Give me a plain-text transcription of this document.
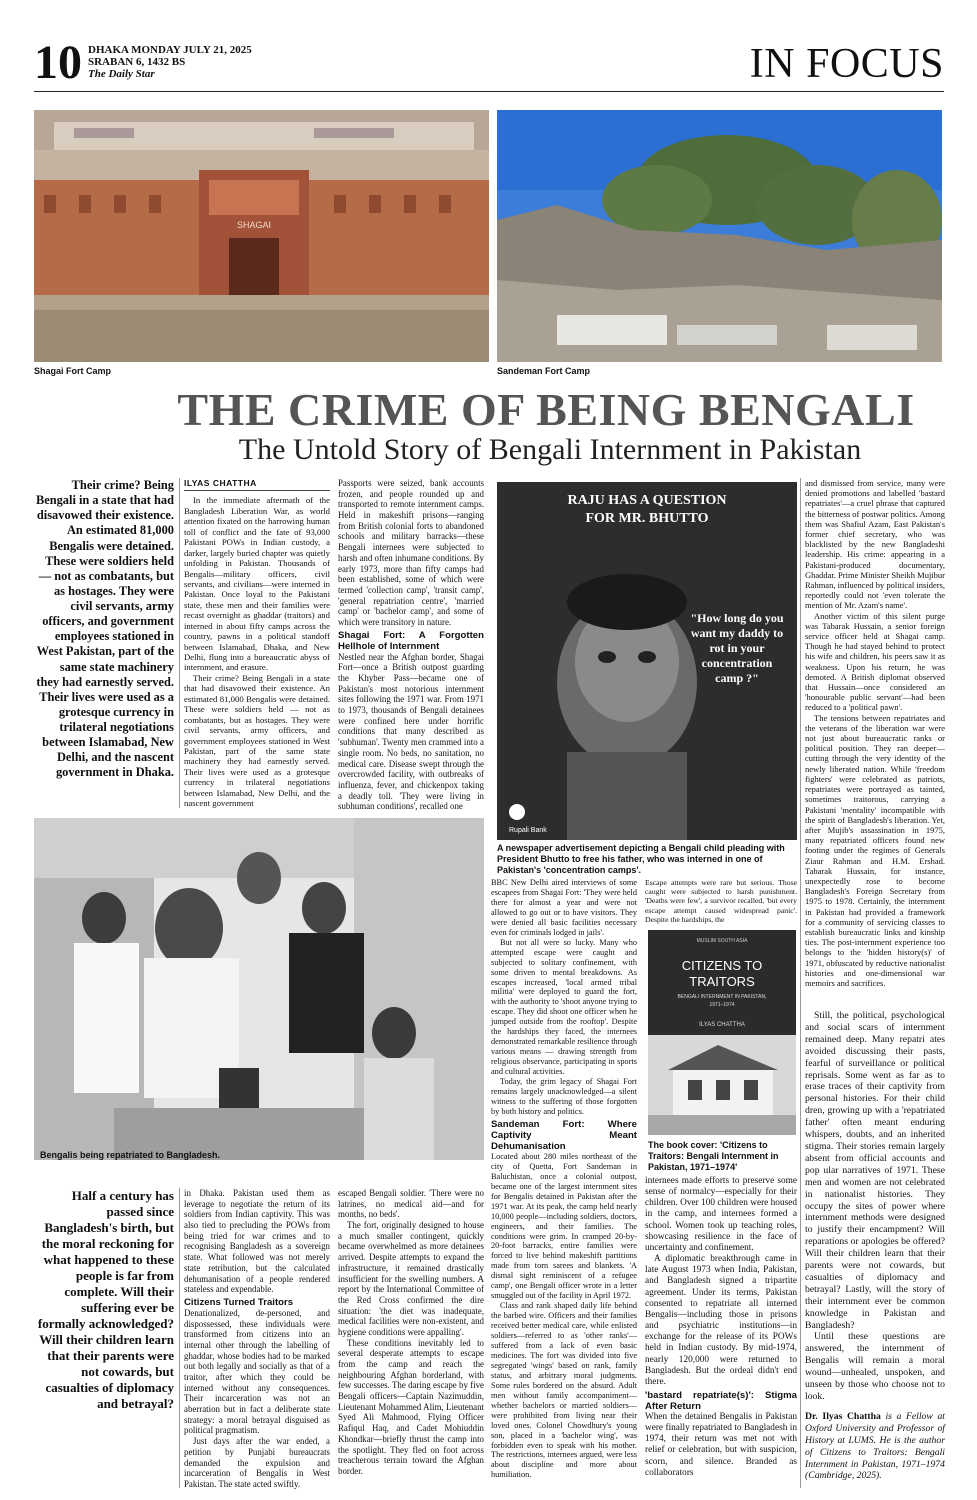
10 DHAKA MONDAY JULY 21, 2025
SRABAN 6, 1432 BS
The Daily Star	IN FOCUS
SHAGAI
Shagai Fort Camp	Sandeman Fort Camp
THE CRIME OF BEING BENGALI
The Untold Story of Bengali Internment in Pakistan
Their crime? Being Bengali in a state that had disavowed their existence. An estimated 81,000 Bengalis were detained. These were soldiers held — not as combatants, but as hostages. They were civil servants, army officers, and government employees stationed in West Pakistan, part of the same state machinery they had earnestly served. Their lives were used as a grotesque currency in trilateral negotiations between Islamabad, New Delhi, and the nascent government in Dhaka.
ILYAS CHATTHA

In the immediate aftermath of the Bangladesh Liberation War, as world attention fixated on the harrowing human toll of conflict and the fate of 93,000 Pakistani POWs in Indian custody, a darker, largely buried chapter was quietly unfolding in Pakistan. Thousands of Bengalis—military officers, civil servants, and civilians—were interned in Pakistan. Once loyal to the Pakistani state, these men and their families were recast overnight as ghaddar (traitors) and interned in about fifty camps across the country, pawns in a political standoff between Islamabad, Dhaka, and New Delhi, flung into a bureaucratic abyss of internment, and erasure.

Their crime? Being Bengali in a state that had disavowed their existence. An estimated 81,000 Bengalis were detained. These were soldiers held — not as combatants, but as hostages. They were civil servants, army officers, and government employees stationed in West Pakistan, part of the same state machinery they had earnestly served. Their lives were used as a grotesque currency in trilateral negotiations between Islamabad, New Delhi, and the nascent government

Passports were seized, bank accounts frozen, and people rounded up and transported to remote internment camps. Held in makeshift prisons—ranging from British colonial forts to abandoned schools and military barracks—these Bengali internees were subjected to harsh and often inhumane conditions. By early 1973, more than fifty camps had been established, some of which were termed 'collection camp', 'transit camp', 'general repatriation centre', 'married camp' or 'bachelor camp', and some of which were transitory in nature.

Shagai Fort: A Forgotten Hellhole of Internment

Nestled near the Afghan border, Shagai Fort—once a British outpost guarding the Khyber Pass—became one of Pakistan's most notorious internment sites following the 1971 war. From 1971 to 1973, thousands of Bengali detainees were confined here under horrific conditions that many described as 'subhuman'. Twenty men crammed into a single room. No beds, no sanitation, no medical care. Disease swept through the overcrowded facility, with outbreaks of influenza, fever, and chickenpox taking a deadly toll. 'They were living in subhuman conditions', recalled one

RAJU HAS A QUESTION
FOR MR. BHUTTO
"How long do you
want my daddy to
rot in your
concentration
camp ?"
Rupali Bank
A newspaper advertisement depicting a Bengali child pleading with President Bhutto to free his father, who was interned in one of Pakistan's 'concentration camps'.

and dismissed from service, many were denied promotions and labelled 'bastard repatriates'—a cruel phrase that captured the bitterness of postwar politics. Among them was Shafiul Azam, East Pakistan's former chief secretary, who was blacklisted by the new Bangladeshi leadership. His crime: appearing in a Pakistani-produced documentary, Ghaddar. Prime Minister Sheikh Mujibur Rahman, influenced by political insiders, reportedly could not 'even tolerate the mention of Mr. Azam's name'.

Another victim of this silent purge was Tabarak Hussain, a senior foreign service officer held at Shagai camp. Though he had stayed behind to protect his wife and children, his peers saw it as weakness. Upon his return, he was demoted. A British diplomat observed that Hussain—once considered an 'honourable public servant'—had been reduced to a 'political pawn'.

The tensions between repatriates and the veterans of the liberation war were not just about bureaucratic ranks or political position. They ran deeper—cutting through the very identity of the newly liberated nation. While 'freedom fighters' were celebrated as patriots, repatriates were portrayed as tainted, sometimes traitorous, carrying a Pakistani 'mentality' incompatible with the spirit of Bangladesh's liberation. Yet, after Mujib's assassination in 1975, many repatriated officers found new footing under the regimes of Generals Ziaur Rahman and H.M. Ershad. Tabarak Hussain, for instance, unexpectedly rose to become Bangladesh's Foreign Secretary from 1975 to 1978. Certainly, the internment in Pakistan had provided a framework for a community of servicing classes to establish bureaucratic links and kinship ties. The post-internment experience too belongs to the 'hidden history(s)' of 1971, obfuscated by reductive nationalist histories and one-dimensional war memoirs and sacrifices.

Bengalis being repatriated to Bangladesh.

BBC New Delhi aired interviews of some escapees from Shagai Fort: 'They were held there for almost a year and were not allowed to go out or to have visitors. They were denied all basic facilities necessary even for criminals lodged in jails'.

But not all were so lucky. Many who attempted escape were caught and subjected to solitary confinement, with some driven to mental breakdowns. As escapes increased, 'local armed tribal militia' were deployed to guard the fort, with the authority to 'shoot anyone trying to escape. They did shoot one officer when he jumped outside from the rooftop'. Despite the hardships they faced, the internees demonstrated remarkable resilience through various means — drawing strength from religious observance, participating in sports and cultural activities.

Today, the grim legacy of Shagai Fort remains largely unacknowledged—a silent witness to the suffering of those forgotten by both history and politics.

Sandeman Fort: Where Captivity Meant Dehumanisation

Located about 280 miles northeast of the city of Quetta, Fort Sandeman in Baluchistan, once a colonial outpost, became one of the largest internment sites for Bengalis detained in Pakistan after the 1971 war. At its peak, the camp held nearly 10,000 people—including soldiers, doctors, engineers, and their families. The conditions were grim. In cramped 20-by-20-foot barracks, entire families were forced to live behind makeshift partitions made from torn sarees and blankets. 'A dismal sight reminiscent of a refugee camp', one Bengali officer wrote in a letter smuggled out of the facility in April 1972.

Class and rank shaped daily life behind the barbed wire. Officers and their families received better medical care, while enlisted soldiers—referred to as 'other ranks'—suffered from a lack of even basic medicines. The fort was divided into five segregated 'wings' based on rank, family status, and arbitrary moral judgments. Some rules bordered on the absurd. Adult men without family accompaniment—whether bachelors or married soldiers—were prohibited from living near their loved ones. Colonel Chowdhury's young son, placed in a 'bachelor wing', was forbidden even to speak with his mother. The restrictions, internees argued, were less about discipline and more about humiliation.

Escape attempts were rare but serious. Those caught were subjected to harsh punishment. 'Deaths were few', a survivor recalled, 'but every escape attempt caused widespread panic'. Despite the hardships, the

MUSLIM SOUTH ASIA
CITIZENS TO
TRAITORS
BENGALI INTERNMENT IN PAKISTAN,
1971–1974
ILYAS CHATTHA
The book cover: 'Citizens to Traitors: Bengali Internment in Pakistan, 1971–1974'
Half a century has passed since Bangladesh's birth, but the moral reckoning for what happened to these people is far from complete. Will their suffering ever be formally acknowledged? Will their children learn that their parents were not cowards, but casualties of diplomacy and betrayal?

in Dhaka. Pakistan used them as leverage to negotiate the return of its soldiers from Indian captivity. This was also tied to precluding the POWs from being tried for war crimes and to recognising Bangladesh as a sovereign state. What followed was not merely state retribution, but the calculated dehumanisation of a people rendered stateless and expendable.

Citizens Turned Traitors

Denationalized, de-personed, and dispossessed, these individuals were transformed from citizens into an internal other through the labelling of ghaddar, whose bodies had to be marked out both legally and socially as that of a traitor, after which they could be interned without any consequences. Their incarceration was not an aberration but in fact a deliberate state strategy: a moral betrayal disguised as political pragmatism.

Just days after the war ended, a petition by Punjabi bureaucrats demanded the expulsion and incarceration of Bengalis in West Pakistan. The state acted swiftly.

escaped Bengali soldier. 'There were no latrines, no medical aid—and for months, no beds'.

The fort, originally designed to house a much smaller contingent, quickly became overwhelmed as more detainees arrived. Despite attempts to expand the infrastructure, it remained drastically insufficient for the swelling numbers. A report by the International Committee of the Red Cross confirmed the dire situation: 'the diet was inadequate, medical facilities were non-existent, and hygiene conditions were appalling'.

These conditions inevitably led to several desperate attempts to escape from the camp and reach the neighbouring Afghan borderland, with few successes. The daring escape by five Bengali officers—Captain Nazimuddin, Lieutenant Mohammed Alim, Lieutenant Syed Ali Mahmood, Flying Officer Rafiqul Haq, and Cadet Mohiuddin Khondkar—briefly thrust the camp into the spotlight. They fled on foot across treacherous terrain toward the Afghan border.

internees made efforts to preserve some sense of normalcy—especially for their children. Over 100 children were housed in the camp, and internees formed a school. Women took up teaching roles, showcasing resilience in the face of uncertainty and confinement.

A diplomatic breakthrough came in late August 1973 when India, Pakistan, and Bangladesh signed a tripartite agreement. Under its terms, Pakistan consented to repatriate all interned Bengalis—including those in prisons and psychiatric institutions—in exchange for the release of its POWs held in Indian custody. By mid-1974, nearly 120,000 were returned to Bangladesh. But the ordeal didn't end there.

'bastard repatriate(s)': Stigma After Return

When the detained Bengalis in Pakistan were finally repatriated to Bangladesh in 1974, their return was met not with relief or celebration, but with suspicion, scorn, and silence. Branded as collaborators

Still, the political, psychological and social scars of internment remained deep. Many repatri ates avoided discussing their pasts, fearful of surveillance or political reprisals. Some went as far as to erase traces of their captivity from personal histories. For their child dren, growing up with a 'repatriated father' often meant enduring whispers, doubts, and an inherited stigma. Their stories remain largely absent from official accounts and pop ular narratives of 1971. These men and women are not celebrated in nationalist histories. They occupy the sites of power where internment methods were designed to justify their encampment? Will reparations or apologies be offered? Will their children learn that their parents were not cowards, but casualties of diplomacy and betrayal? Lastly, will the story of their internment ever be common knowledge in Pakistan and Bangladesh?

Until these questions are answered, the internment of Bengalis will remain a moral wound—unhealed, unspoken, and unseen by those who choose not to look.

Dr. Ilyas Chattha is a Fellow at Oxford University and Professor of History at LUMS. He is the author of Citizens to Traitors: Bengali Internment in Pakistan, 1971–1974 (Cambridge, 2025).

men and women are not celebrated in nationalist histories. They occupy neither the heroic lens of liberation nor the victimhood of genocide. As the Haitian historian Michel-Rolph Trouillot famously called 'silences within silences'—those stories deemed too inconvenient for national myths. Half a century has passed since Bangladesh's birth, but the moral reckoning for what happened to these people is far from complete. Will their suffering ever be formally acknowledged? Will they ever discover the sites of power where internment methods were designed to justify their encampment? Will reparations or apologies be offered? Will their children learn that their parents were not cowards, but
